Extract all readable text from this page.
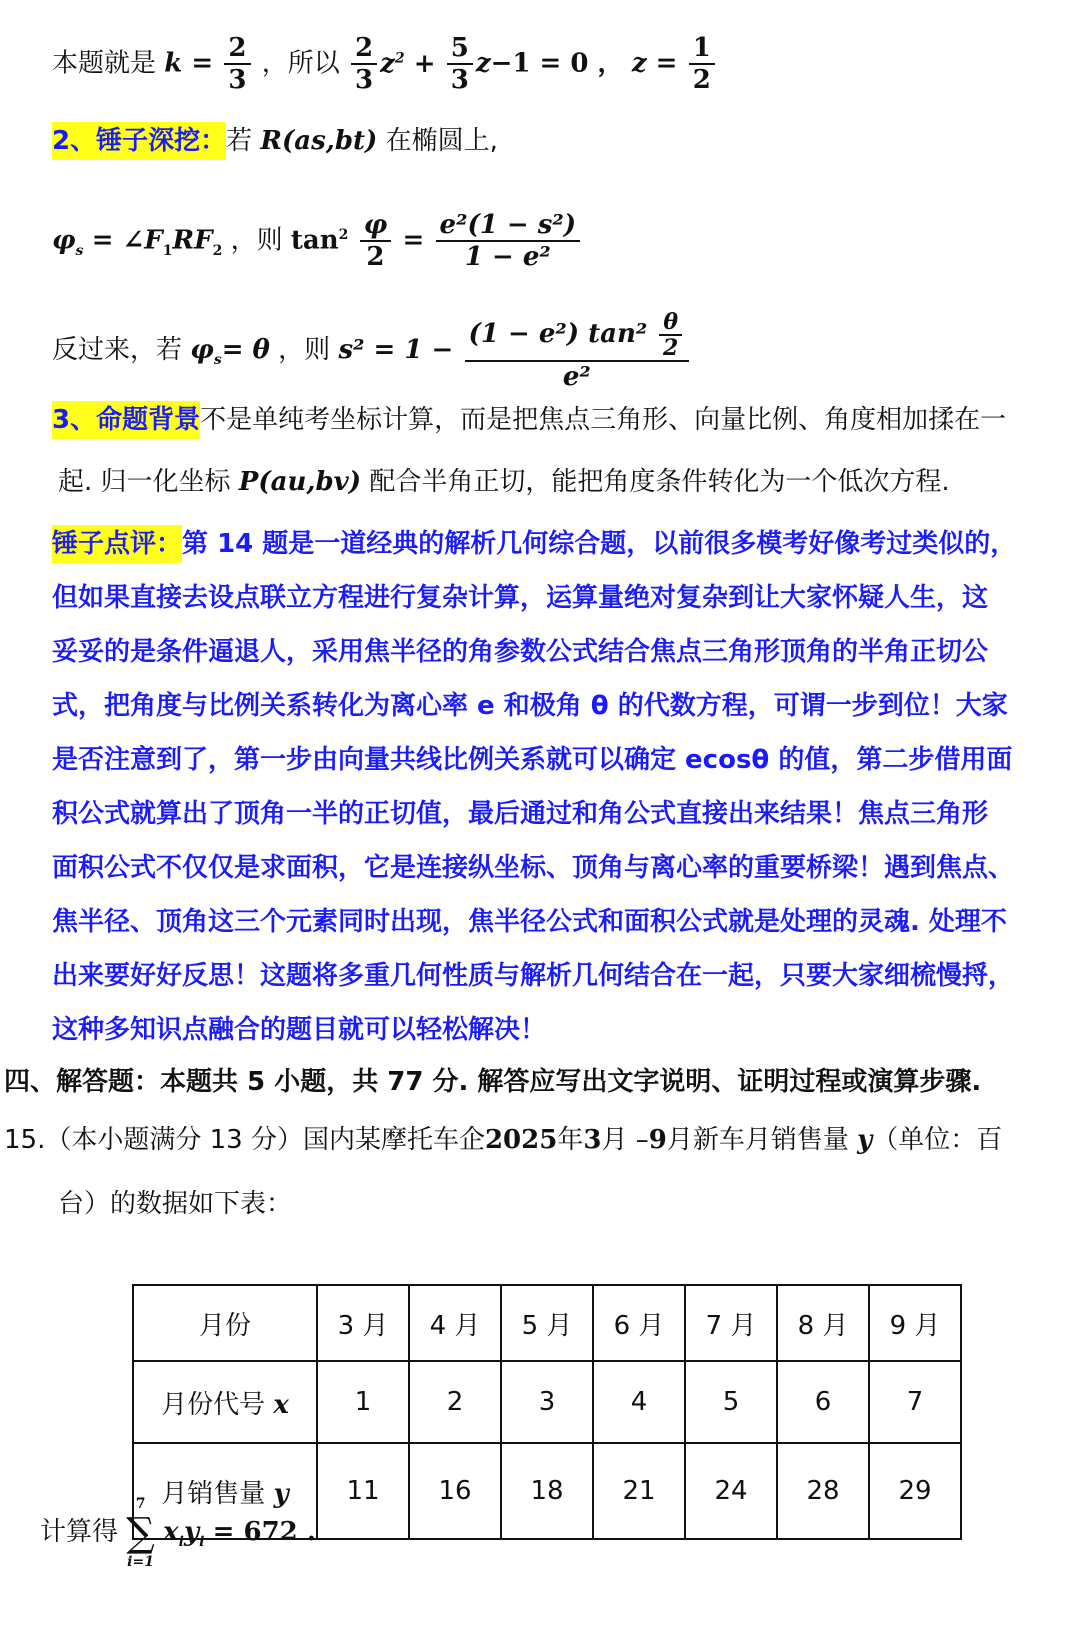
本题就是 $k = \frac{2}{3}$ ，所以 $\frac{2}{3} z^2 + \frac{5}{3} z-1 = 0$ ， $z = \frac{1}{2}$
2、锤子深挖：若 R(as,bt) 在椭圆上,
$\varphi_s$ = $\angle F_1RF_2$ ，则 $\tan^2 \frac{\varphi}{2} = \frac{\text{e²(1 − s²)}}{\text{1 − e²}}$
反过来，若 $\varphi_s= \theta$ ，则 $s^2 = 1 - \frac{(1 - e^2) \tan^2 \frac{\theta}{2}}{\text{e²}}$
3、命题背景不是单纯考坐标计算，而是把焦点三角形、向量比例、角度相加揉在一
起. 归一化坐标 P(au,bv) 配合半角正切，能把角度条件转化为一个低次方程.
锤子点评：第 14 题是一道经典的解析几何综合题，以前很多模考好像考过类似的，
但如果直接去设点联立方程进行复杂计算，运算量绝对复杂到让大家怀疑人生，这
妥妥的是条件逼退人，采用焦半径的角参数公式结合焦点三角形顶角的半角正切公
式，把角度与比例关系转化为离心率 e 和极角 θ 的代数方程，可谓一步到位！大家
是否注意到了，第一步由向量共线比例关系就可以确定 ecosθ 的值，第二步借用面
积公式就算出了顶角一半的正切值，最后通过和角公式直接出来结果！焦点三角形
面积公式不仅仅是求面积，它是连接纵坐标、顶角与离心率的重要桥梁！遇到焦点、
焦半径、顶角这三个元素同时出现，焦半径公式和面积公式就是处理的灵魂. 处理不
出来要好好反思！这题将多重几何性质与解析几何结合在一起，只要大家细梳慢捋，
这种多知识点融合的题目就可以轻松解决！
四、解答题：本题共 5 小题，共 77 分. 解答应写出文字说明、证明过程或演算步骤.
15.（本小题满分 13 分）国内某摩托车企2025年3月 –9月新车月销售量 y（单位：百
台）的数据如下表：
月份	3 月	4 月	5 月	6 月	7 月	8 月	9 月
月份代号 x	1	2	3	4	5	6	7
月销售量 y	11	16	18	21	24	28	29
计算得
7
∑
i=1
$x_iy_i = 672$ .
